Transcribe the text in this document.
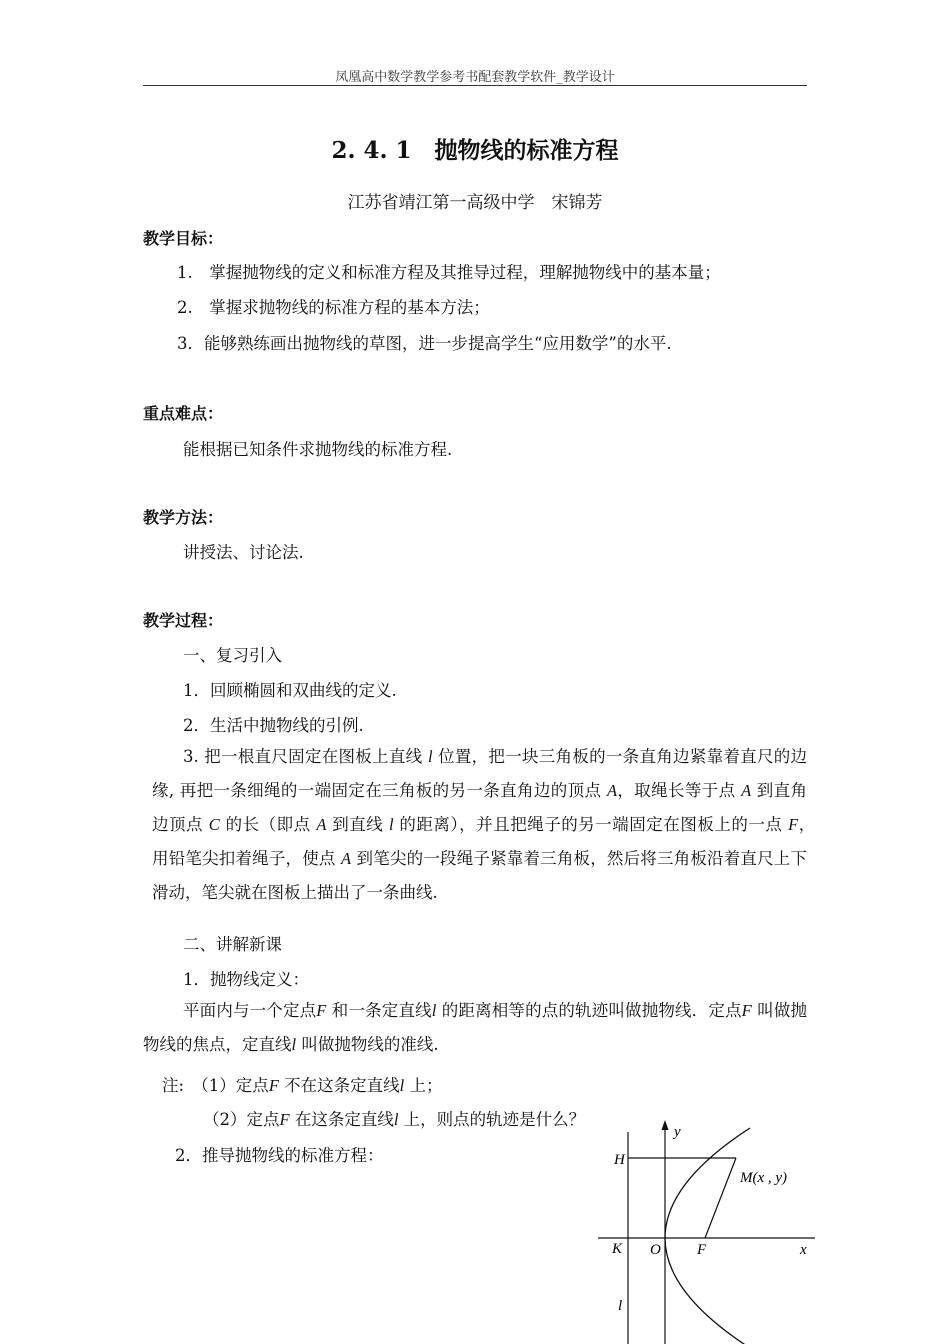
凤凰高中数学教学参考书配套教学软件_教学设计
2. 4. 1　抛物线的标准方程
江苏省靖江第一高级中学　宋锦芳
教学目标：
1.　掌握抛物线的定义和标准方程及其推导过程，理解抛物线中的基本量；
2.　掌握求抛物线的标准方程的基本方法；
3．能够熟练画出抛物线的草图，进一步提高学生“应用数学”的水平.
重点难点：
能根据已知条件求抛物线的标准方程.
教学方法：
讲授法、讨论法.
教学过程：
一、复习引入
1．回顾椭圆和双曲线的定义.
2．生活中抛物线的引例.
3. 把一根直尺固定在图板上直线 l 位置，把一块三角板的一条直角边紧靠着直尺的边缘, 再把一条细绳的一端固定在三角板的另一条直角边的顶点 A，取绳长等于点 A 到直角边顶点 C 的长（即点 A 到直线 l 的距离），并且把绳子的另一端固定在图板上的一点 F，　用铅笔尖扣着绳子，使点 A 到笔尖的一段绳子紧靠着三角板，然后将三角板沿着直尺上下滑动，笔尖就在图板上描出了一条曲线.
二、讲解新课
1．抛物线定义：
平面内与一个定点F 和一条定直线l 的距离相等的点的轨迹叫做抛物线．定点F 叫做抛物线的焦点，定直线l 叫做抛物线的准线.
注:　（1）定点F 不在这条定直线l 上；
（2）定点F 在这条定直线l 上，则点的轨迹是什么？
2．推导抛物线的标准方程：
y
H
M(x , y)
K O F	x
l
